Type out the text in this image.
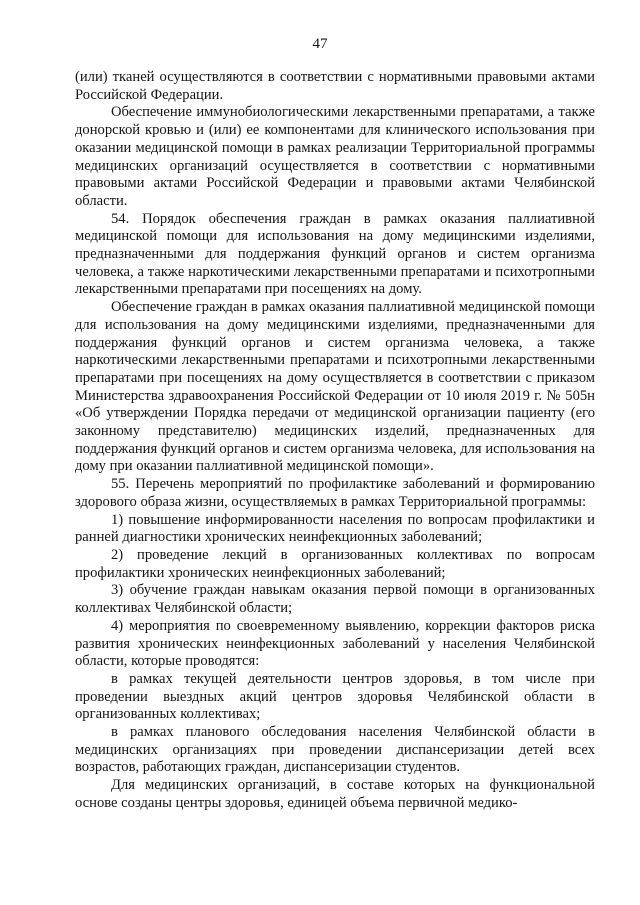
47

(или) тканей осуществляются в соответствии с нормативными правовыми актами Российской Федерации.

Обеспечение иммунобиологическими лекарственными препаратами, а также донорской кровью и (или) ее компонентами для клинического использования при оказании медицинской помощи в рамках реализации Территориальной программы медицинских организаций осуществляется в соответствии с нормативными правовыми актами Российской Федерации и правовыми актами Челябинской области.

54. Порядок обеспечения граждан в рамках оказания паллиативной медицинской помощи для использования на дому медицинскими изделиями, предназначенными для поддержания функций органов и систем организма человека, а также наркотическими лекарственными препаратами и психотропными лекарственными препаратами при посещениях на дому.

Обеспечение граждан в рамках оказания паллиативной медицинской помощи для использования на дому медицинскими изделиями, предназначенными для поддержания функций органов и систем организма человека, а также наркотическими лекарственными препаратами и психотропными лекарственными препаратами при посещениях на дому осуществляется в соответствии с приказом Министерства здравоохранения Российской Федерации от 10 июля 2019 г. № 505н «Об утверждении Порядка передачи от медицинской организации пациенту (его законному представителю) медицинских изделий, предназначенных для поддержания функций органов и систем организма человека, для использования на дому при оказании паллиативной медицинской помощи».

55. Перечень мероприятий по профилактике заболеваний и формированию здорового образа жизни, осуществляемых в рамках Территориальной программы:

1) повышение информированности населения по вопросам профилактики и ранней диагностики хронических неинфекционных заболеваний;

2) проведение лекций в организованных коллективах по вопросам профилактики хронических неинфекционных заболеваний;

3) обучение граждан навыкам оказания первой помощи в организованных коллективах Челябинской области;

4) мероприятия по своевременному выявлению, коррекции факторов риска развития хронических неинфекционных заболеваний у населения Челябинской области, которые проводятся:

в рамках текущей деятельности центров здоровья, в том числе при проведении выездных акций центров здоровья Челябинской области в организованных коллективах;

в рамках планового обследования населения Челябинской области в медицинских организациях при проведении диспансеризации детей всех возрастов, работающих граждан, диспансеризации студентов.

Для медицинских организаций, в составе которых на функциональной основе созданы центры здоровья, единицей объема первичной медико-
